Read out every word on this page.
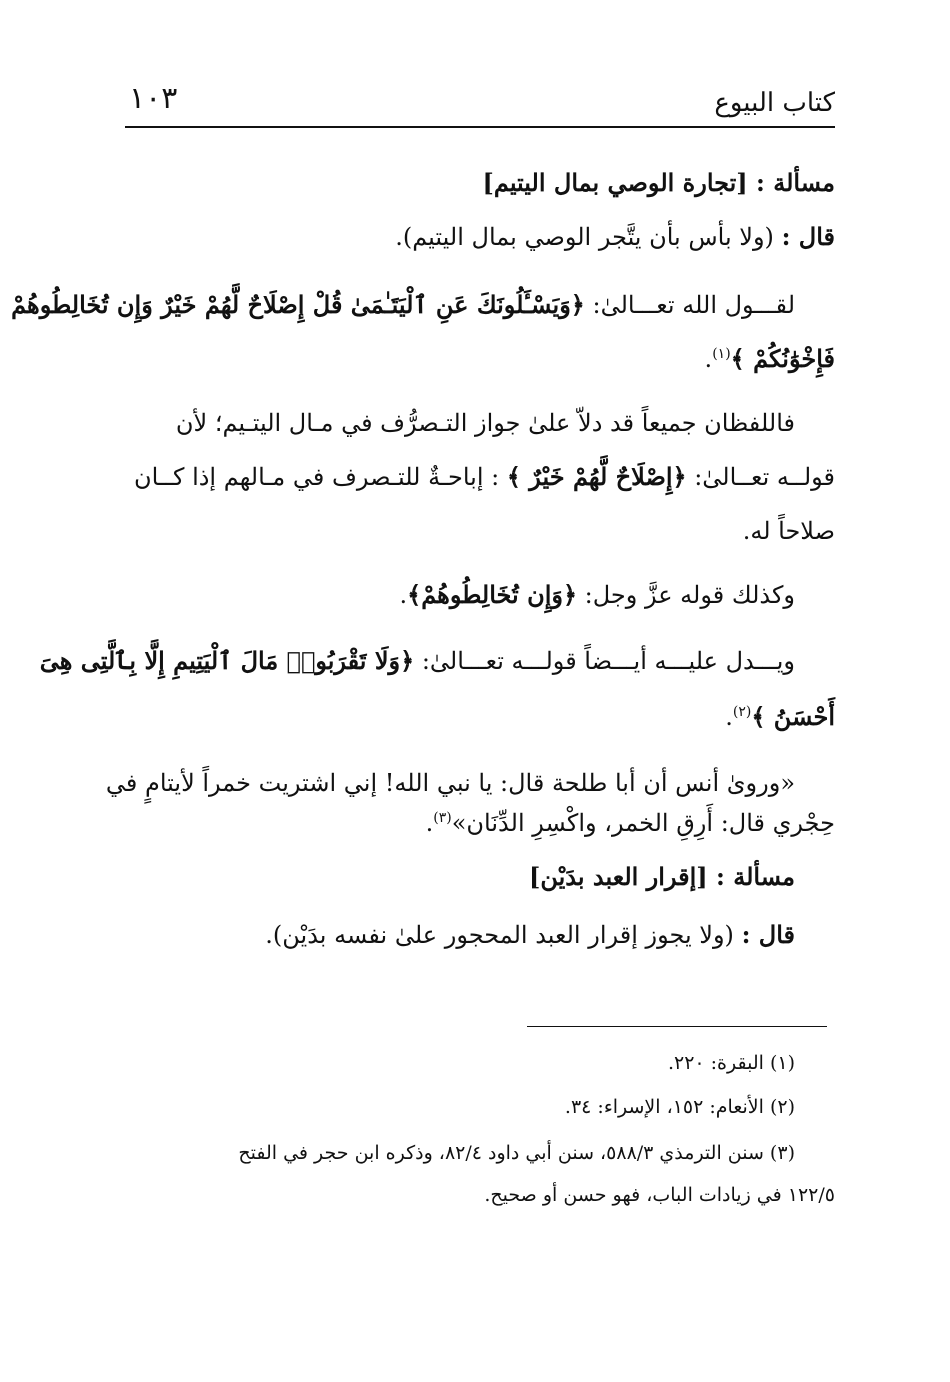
كتاب البيوع
١٠٣
مسألة : [تجارة الوصي بمال اليتيم]
قال : (ولا بأس بأن يتَّجر الوصي بمال اليتيم).
لقـــول الله تعـــالىٰ: ﴿وَيَسْـَٔلُونَكَ عَنِ ٱلْيَتَـٰمَىٰ قُلْ إِصْلَاحٌ لَّهُمْ خَيْرٌ وَإِن تُخَالِطُوهُمْ
فَإِخْوَٰنُكُمْ ﴾$^{(١)}$.
فاللفظان جميعاً قد دلاّ علىٰ جواز التـصرُّف في مـال اليتـيم؛ لأن
قولــه تعــالىٰ: ﴿إِصْلَاحٌ لَّهُمْ خَيْرٌ ﴾ : إباحـةٌ للتـصرف في مـالهم إذا كــان
صلاحاً له.
وكذلك قوله عزَّ وجل: ﴿وَإِن تُخَالِطُوهُمْ﴾.
ويـــدل عليـــه أيـــضاً قولـــه تعـــالىٰ: ﴿وَلَا تَقْرَبُوا۟ مَالَ ٱلْيَتِيمِ إِلَّا بِٱلَّتِى هِىَ
أَحْسَنُ ﴾$^{(٢)}$.
«وروىٰ أنس أن أبا طلحة قال: يا نبي الله! إني اشتريت خمراً لأيتامٍ في
حِجْري قال: أَرِقِ الخمر، واكْسِرِ الدِّنَان»$^{(٣)}$.
مسألة : [إقرار العبد بدَيْن]
قال : (ولا يجوز إقرار العبد المحجور علىٰ نفسه بدَيْن).
(١) البقرة: ٢٢٠.
(٢) الأنعام: ١٥٢، الإسراء: ٣٤.
(٣) سنن الترمذي ٥٨٨/٣، سنن أبي داود ٨٢/٤، وذكره ابن حجر في الفتح
١٢٢/٥ في زيادات الباب، فهو حسن أو صحيح.
